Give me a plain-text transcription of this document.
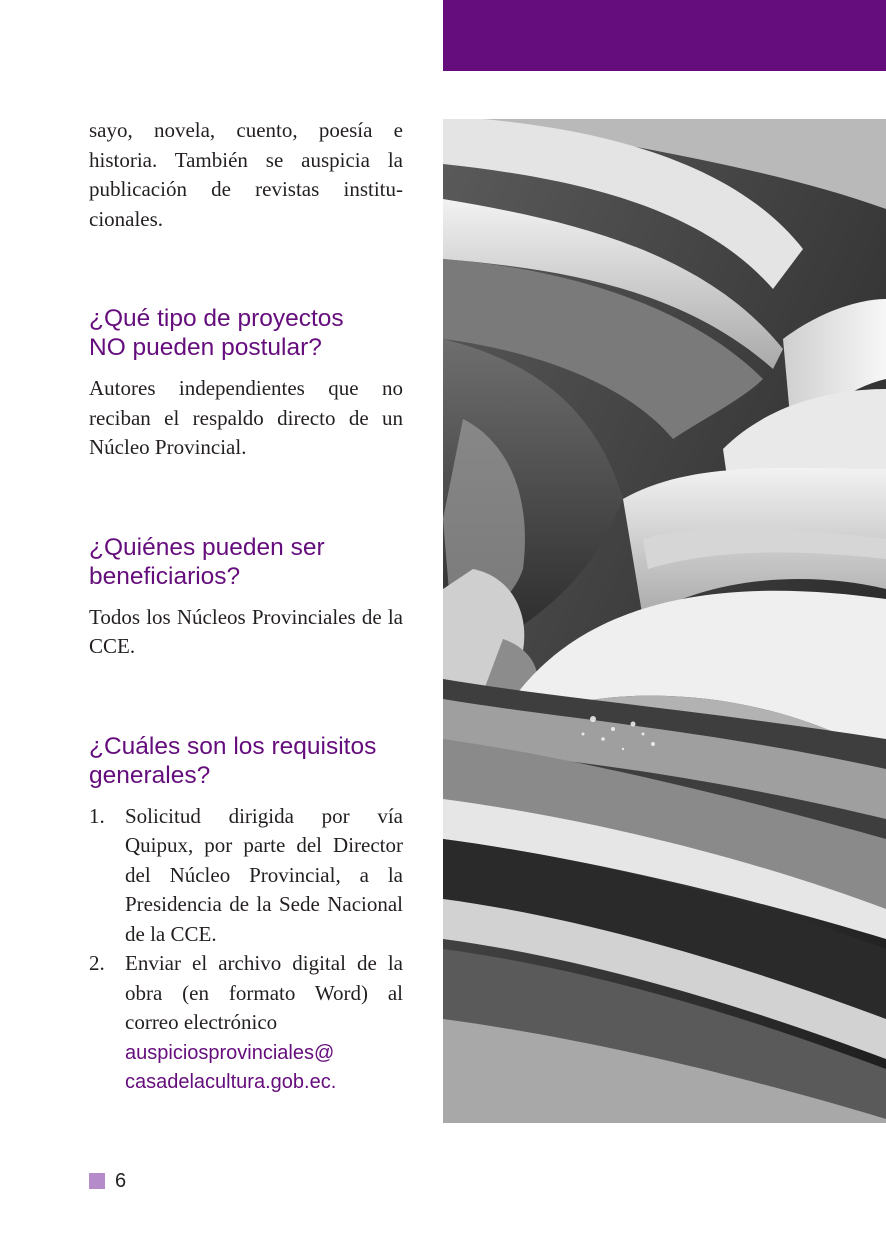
sayo, novela, cuento, poesía e historia. También se auspicia la publicación de revistas institucionales.

¿Qué tipo de proyectos
NO pueden postular?

Autores independientes que no reciban el respaldo directo de un Núcleo Provincial.

¿Quiénes pueden ser
beneficiarios?

Todos los Núcleos Provinciales de la CCE.

¿Cuáles son los requisitos
generales?
1. Solicitud dirigida por vía Quipux, por parte del Director del Núcleo Provincial, a la Presidencia de la Sede Nacional de la CCE.
2. Enviar el archivo digital de la obra (en formato Word) al correo electrónico
auspiciosprovinciales@
casadelacultura.gob.ec.
6
